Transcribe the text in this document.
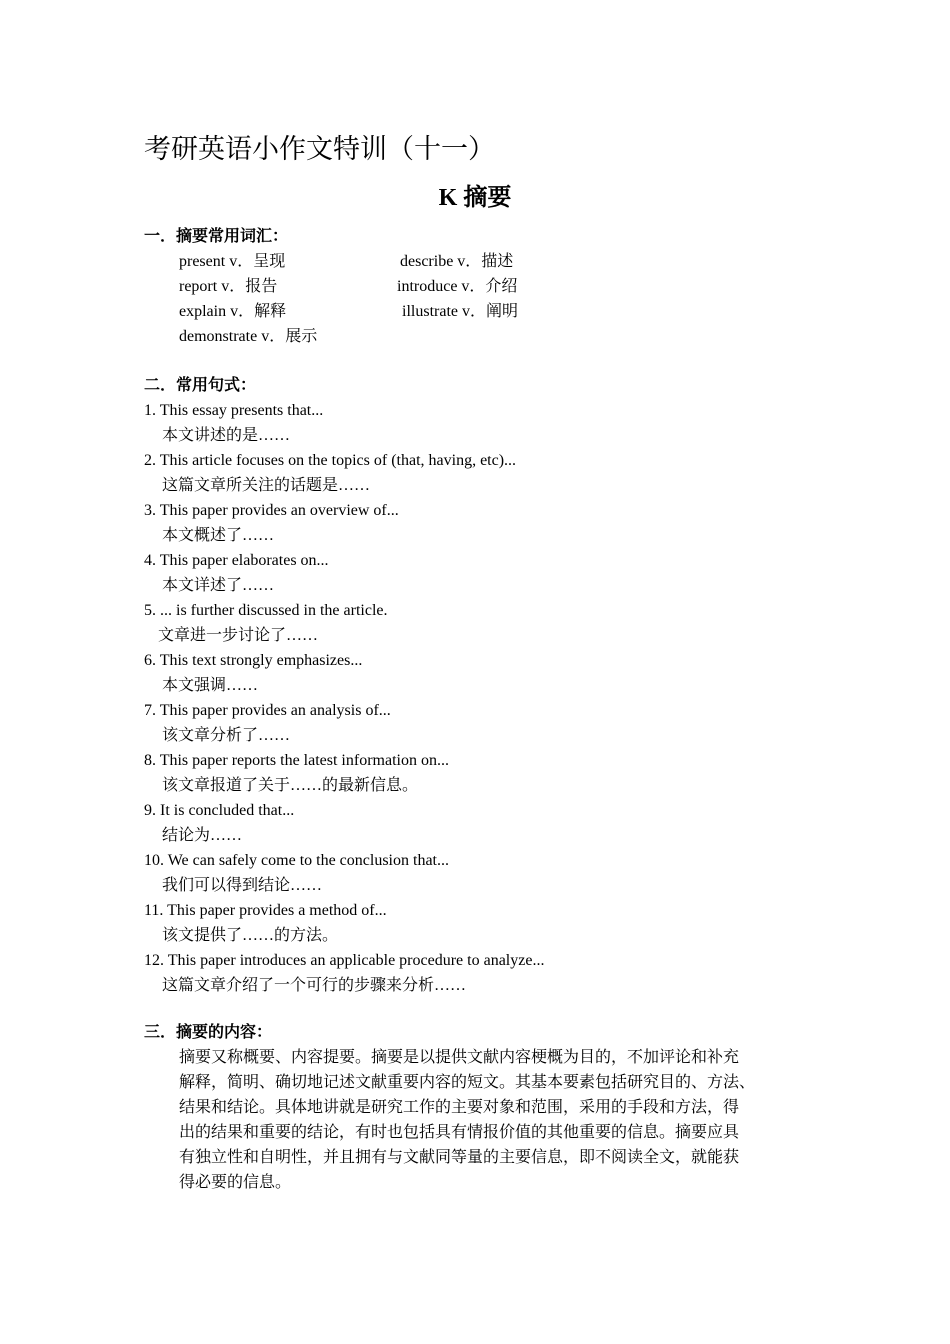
考研英语小作文特训（十一）
K 摘要
一．摘要常用词汇：
present v．呈现	describe v．描述
report v．报告	introduce v．介绍
explain v．解释	illustrate v．阐明
demonstrate v．展示
二．常用句式：
1. This essay presents that...
本文讲述的是……
2. This article focuses on the topics of (that, having, etc)...
这篇文章所关注的话题是……
3. This paper provides an overview of...
本文概述了……
4. This paper elaborates on...
本文详述了……
5. ... is further discussed in the article.
文章进一步讨论了……
6. This text strongly emphasizes...
本文强调……
7. This paper provides an analysis of...
该文章分析了……
8. This paper reports the latest information on...
该文章报道了关于……的最新信息。
9. It is concluded that...
结论为……
10. We can safely come to the conclusion that...
我们可以得到结论……
11. This paper provides a method of...
该文提供了……的方法。
12. This paper introduces an applicable procedure to analyze...
这篇文章介绍了一个可行的步骤来分析……
三．摘要的内容：
摘要又称概要、内容提要。摘要是以提供文献内容梗概为目的，不加评论和补充
解释，简明、确切地记述文献重要内容的短文。其基本要素包括研究目的、方法、
结果和结论。具体地讲就是研究工作的主要对象和范围，采用的手段和方法，得
出的结果和重要的结论，有时也包括具有情报价值的其他重要的信息。摘要应具
有独立性和自明性，并且拥有与文献同等量的主要信息，即不阅读全文，就能获
得必要的信息。
